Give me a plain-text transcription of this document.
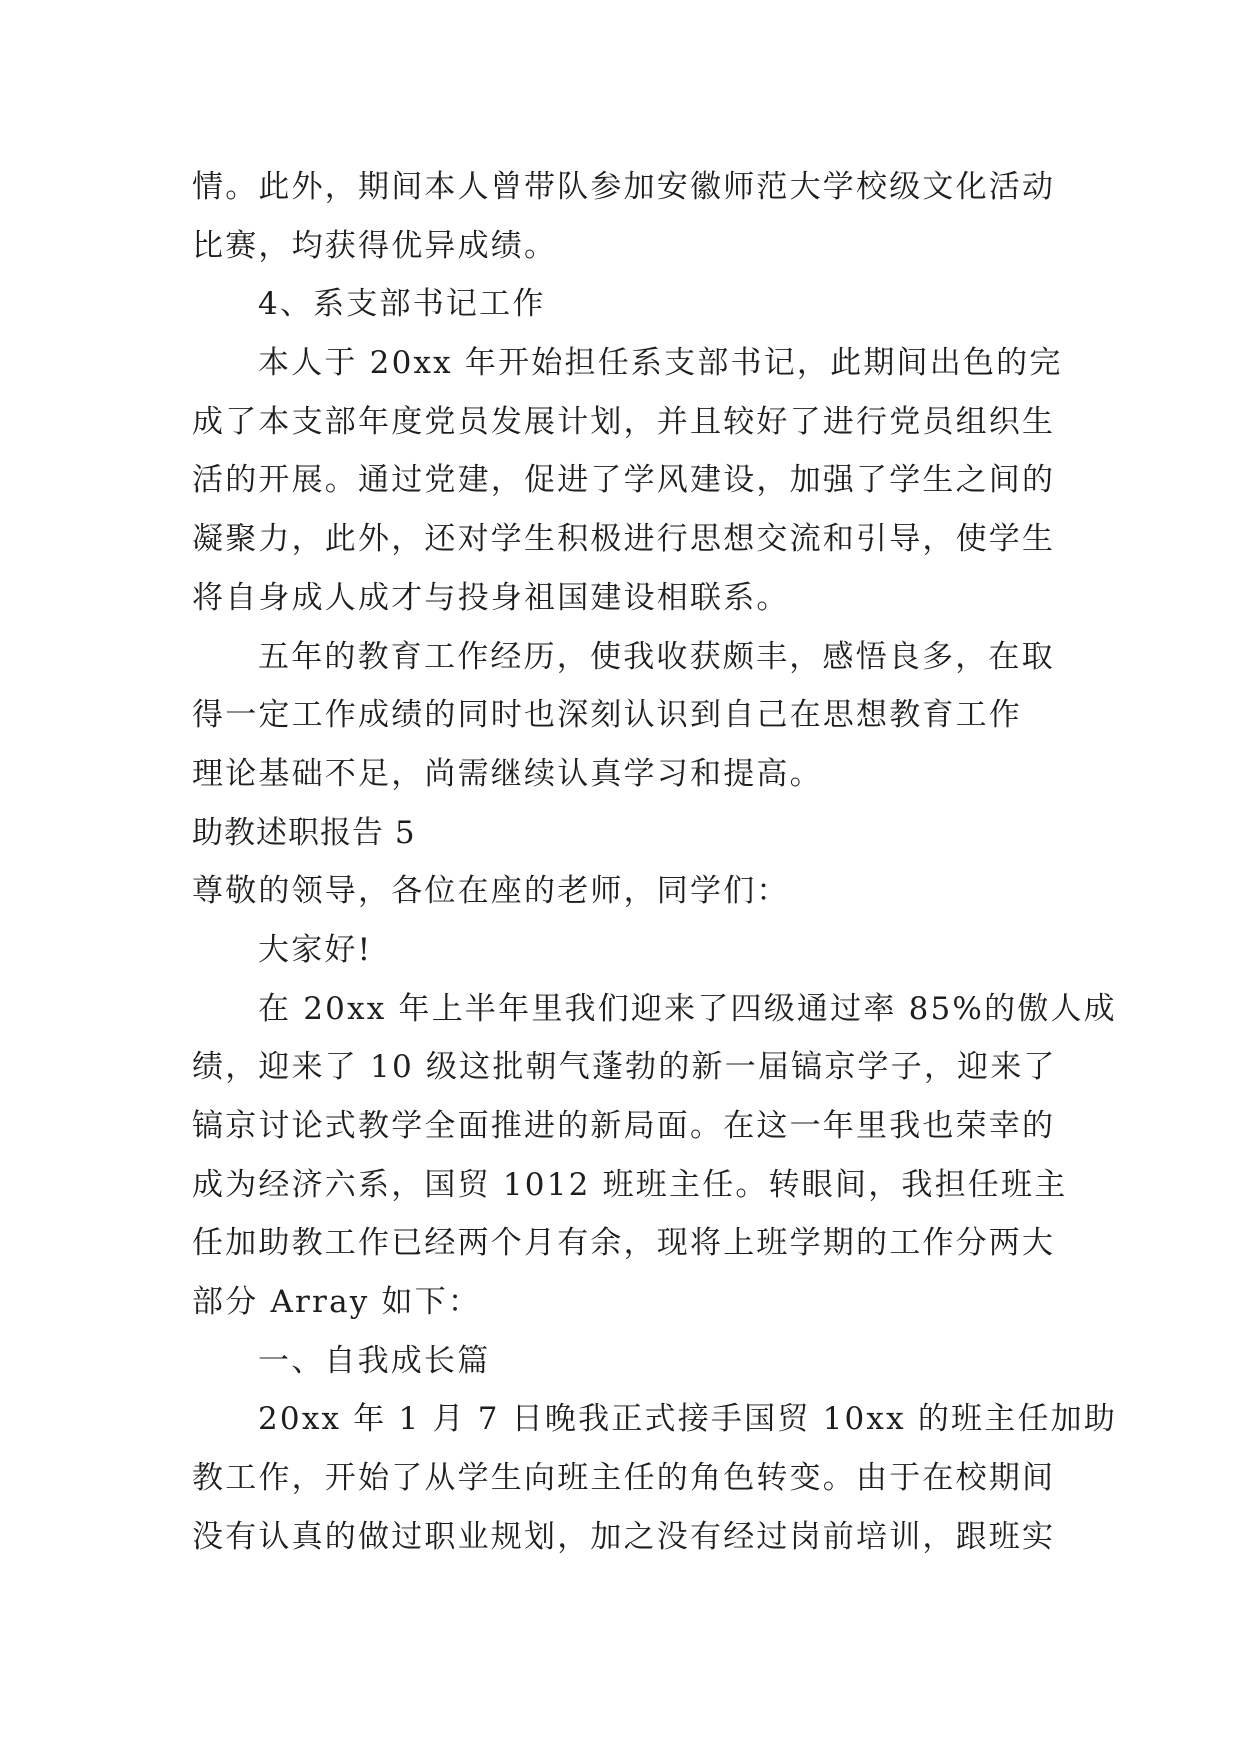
情。此外，期间本人曾带队参加安徽师范大学校级文化活动
比赛，均获得优异成绩。
4、系支部书记工作
本人于 20xx 年开始担任系支部书记，此期间出色的完
成了本支部年度党员发展计划，并且较好了进行党员组织生
活的开展。通过党建，促进了学风建设，加强了学生之间的
凝聚力，此外，还对学生积极进行思想交流和引导，使学生
将自身成人成才与投身祖国建设相联系。
五年的教育工作经历，使我收获颇丰，感悟良多，在取
得一定工作成绩的同时也深刻认识到自己在思想教育工作
理论基础不足，尚需继续认真学习和提高。
助教述职报告 5
尊敬的领导，各位在座的老师，同学们：
大家好!
在 20xx 年上半年里我们迎来了四级通过率 85%的傲人成
绩，迎来了 10 级这批朝气蓬勃的新一届镐京学子，迎来了
镐京讨论式教学全面推进的新局面。在这一年里我也荣幸的
成为经济六系，国贸 1012 班班主任。转眼间，我担任班主
任加助教工作已经两个月有余，现将上班学期的工作分两大
部分 Array 如下：
一、自我成长篇
20xx 年 1 月 7 日晚我正式接手国贸 10xx 的班主任加助
教工作，开始了从学生向班主任的角色转变。由于在校期间
没有认真的做过职业规划，加之没有经过岗前培训，跟班实
